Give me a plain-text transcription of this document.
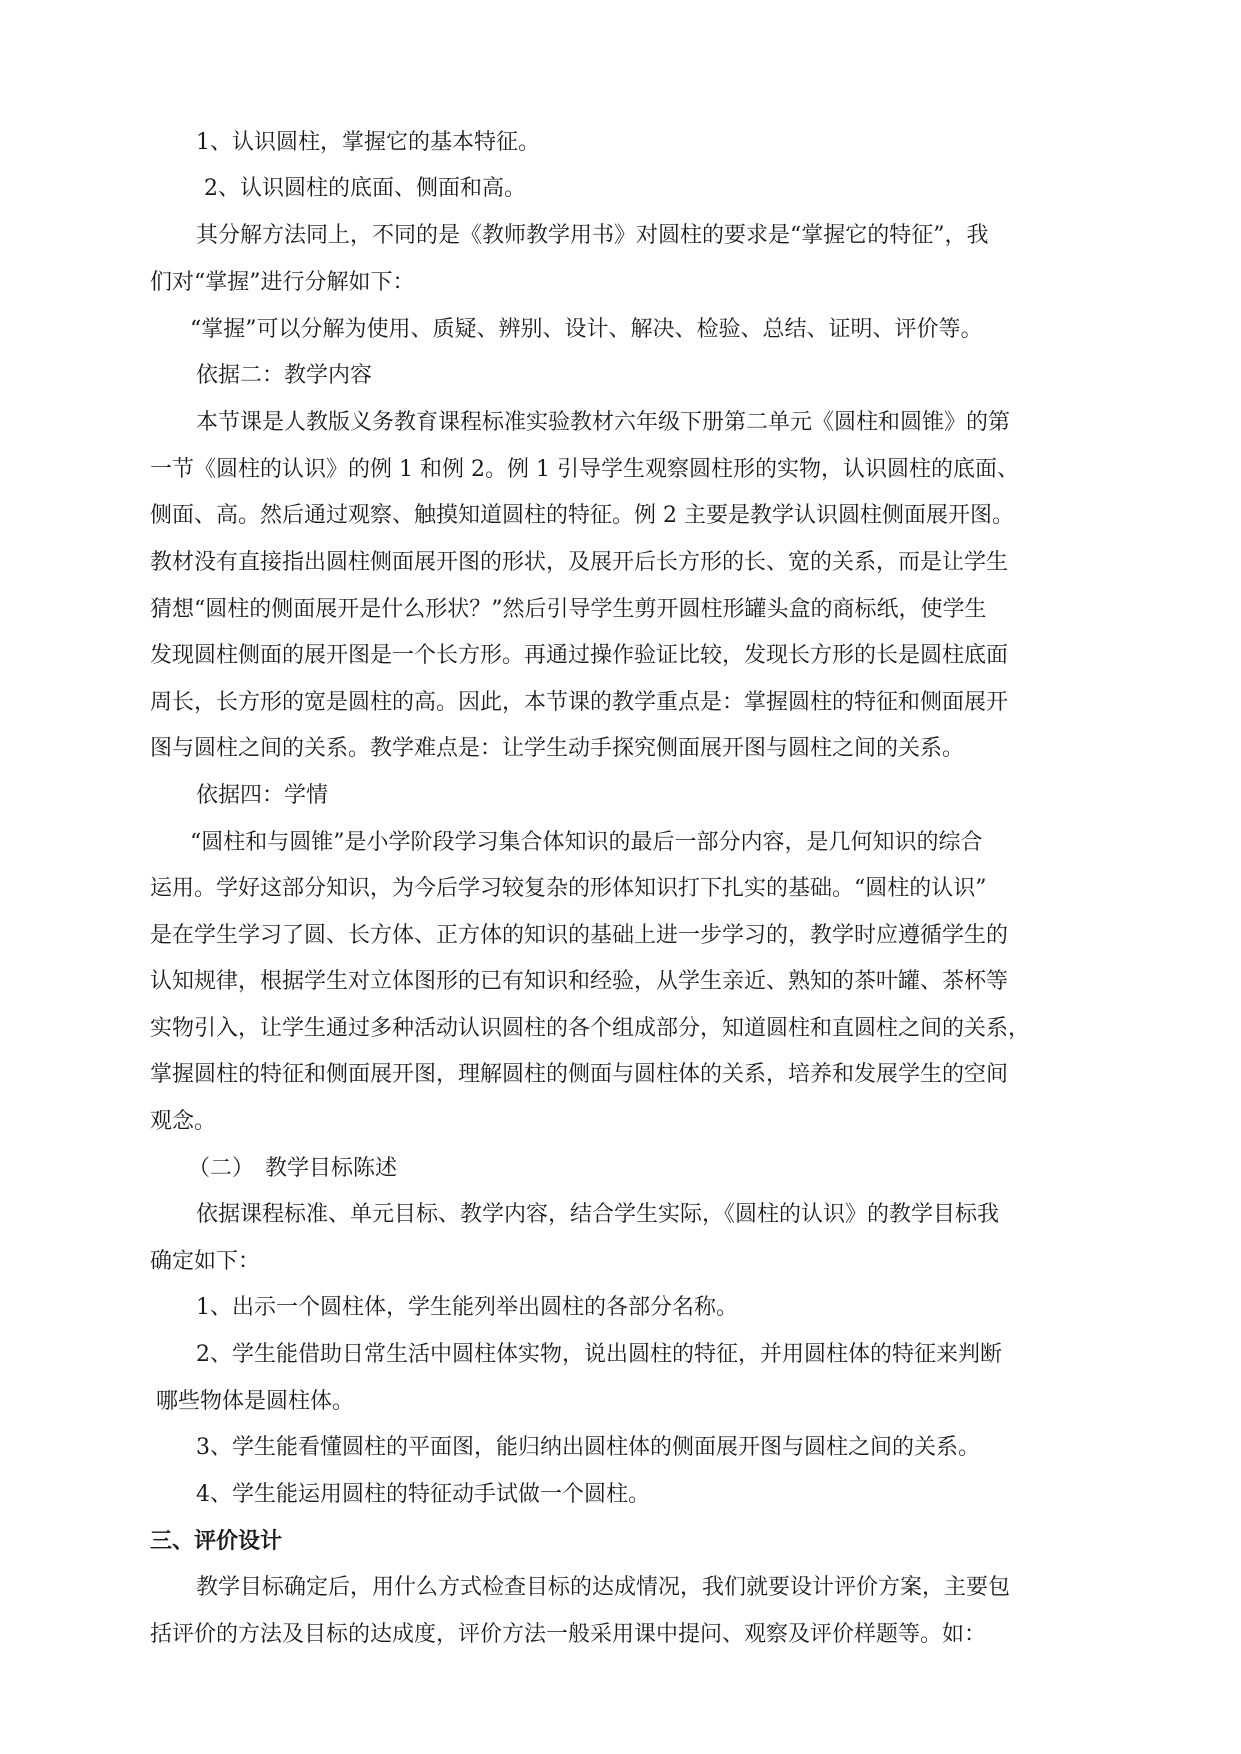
1、认识圆柱，掌握它的基本特征。
2、认识圆柱的底面、侧面和高。
其分解方法同上，不同的是《教师教学用书》对圆柱的要求是“掌握它的特征”，我
们对“掌握”进行分解如下：
“掌握”可以分解为使用、质疑、辨别、设计、解决、检验、总结、证明、评价等。
依据二：教学内容
本节课是人教版义务教育课程标准实验教材六年级下册第二单元《圆柱和圆锥》的第
一节《圆柱的认识》的例 1 和例 2。例 1 引导学生观察圆柱形的实物，认识圆柱的底面、
侧面、高。然后通过观察、触摸知道圆柱的特征。例 2 主要是教学认识圆柱侧面展开图。
教材没有直接指出圆柱侧面展开图的形状，及展开后长方形的长、宽的关系，而是让学生
猜想“圆柱的侧面展开是什么形状？”然后引导学生剪开圆柱形罐头盒的商标纸，使学生
发现圆柱侧面的展开图是一个长方形。再通过操作验证比较，发现长方形的长是圆柱底面
周长，长方形的宽是圆柱的高。因此，本节课的教学重点是：掌握圆柱的特征和侧面展开
图与圆柱之间的关系。教学难点是：让学生动手探究侧面展开图与圆柱之间的关系。
依据四：学情
“圆柱和与圆锥”是小学阶段学习集合体知识的最后一部分内容，是几何知识的综合
运用。学好这部分知识，为今后学习较复杂的形体知识打下扎实的基础。“圆柱的认识”
是在学生学习了圆、长方体、正方体的知识的基础上进一步学习的，教学时应遵循学生的
认知规律，根据学生对立体图形的已有知识和经验，从学生亲近、熟知的茶叶罐、茶杯等
实物引入，让学生通过多种活动认识圆柱的各个组成部分，知道圆柱和直圆柱之间的关系，
掌握圆柱的特征和侧面展开图，理解圆柱的侧面与圆柱体的关系，培养和发展学生的空间
观念。
（二）　教学目标陈述
依据课程标准、单元目标、教学内容，结合学生实际，《圆柱的认识》的教学目标我
确定如下：
1、出示一个圆柱体，学生能列举出圆柱的各部分名称。
2、学生能借助日常生活中圆柱体实物，说出圆柱的特征，并用圆柱体的特征来判断
哪些物体是圆柱体。
3、学生能看懂圆柱的平面图，能归纳出圆柱体的侧面展开图与圆柱之间的关系。
4、学生能运用圆柱的特征动手试做一个圆柱。
三、评价设计
教学目标确定后，用什么方式检查目标的达成情况，我们就要设计评价方案，主要包
括评价的方法及目标的达成度，评价方法一般采用课中提问、观察及评价样题等。如：
